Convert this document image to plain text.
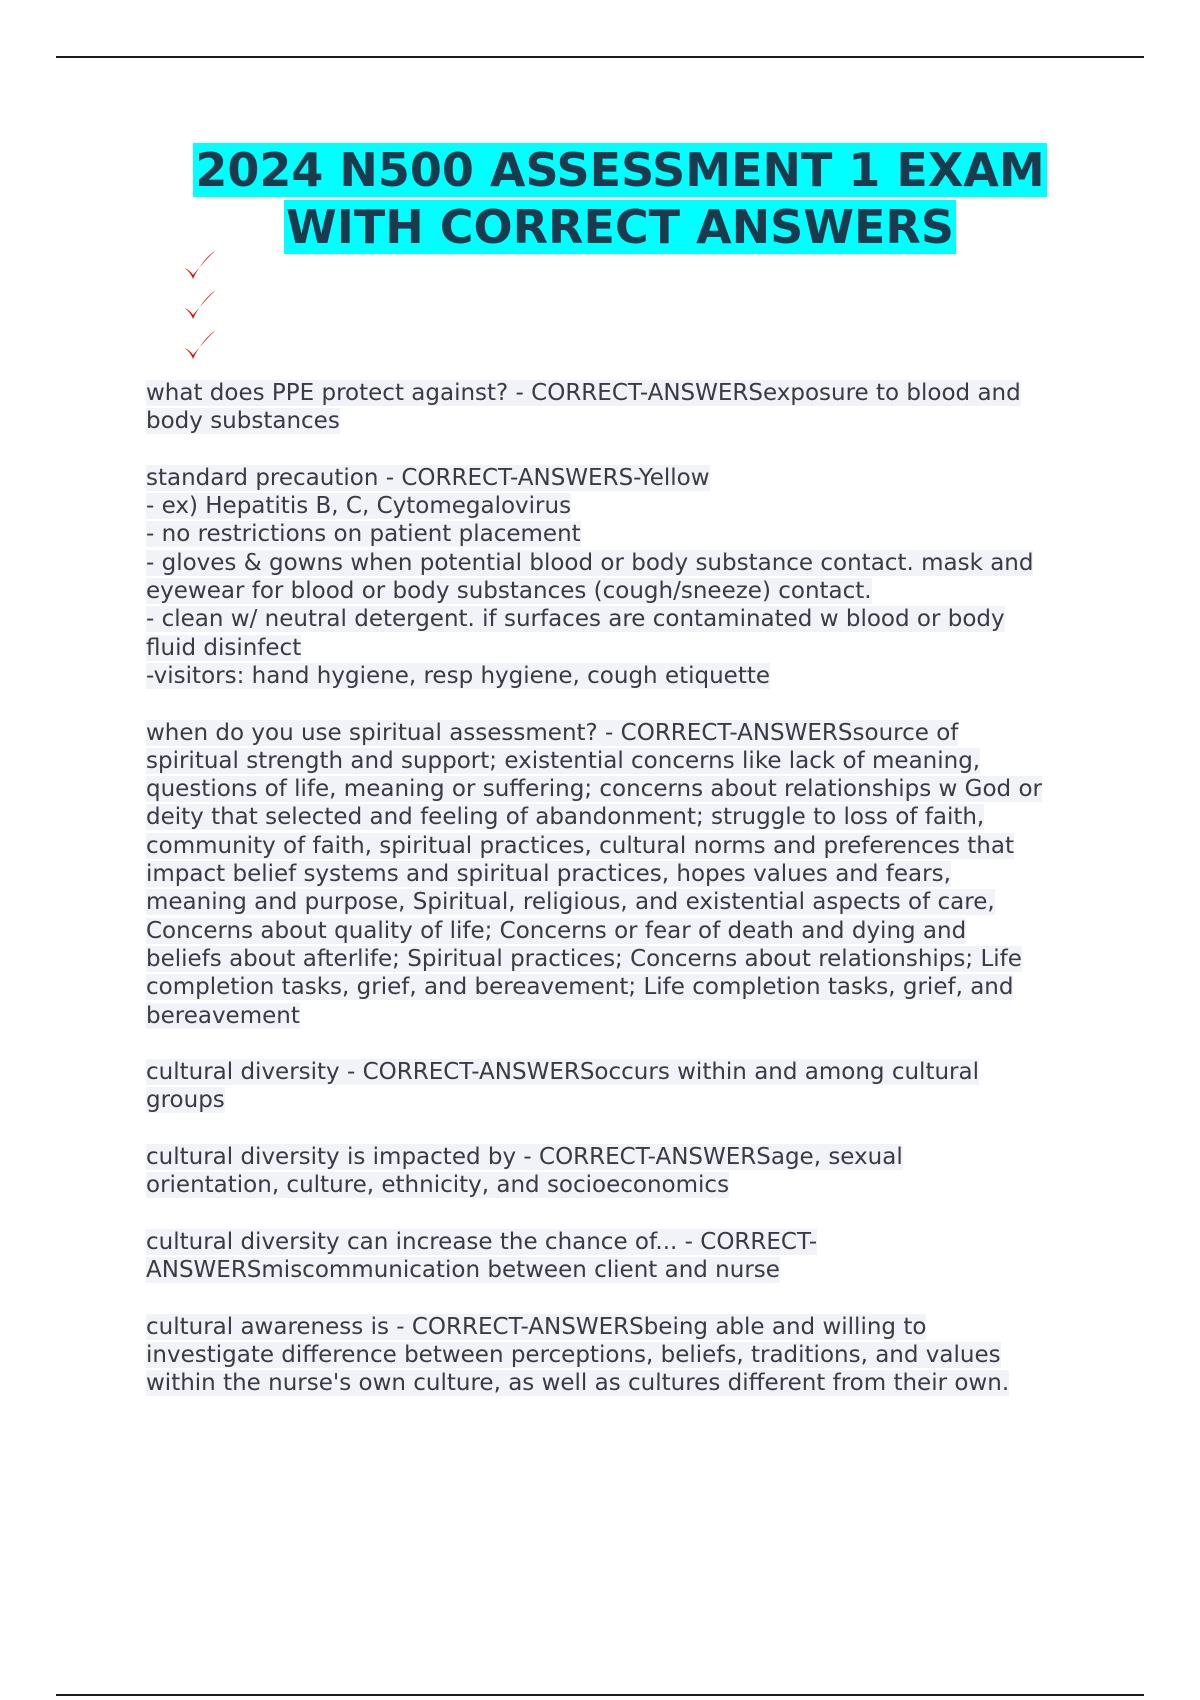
2024 N500 ASSESSMENT 1 EXAM
WITH CORRECT ANSWERS
what does PPE protect against? - CORRECT-ANSWERSexposure to blood and
body substances
standard precaution - CORRECT-ANSWERS-Yellow
- ex) Hepatitis B, C, Cytomegalovirus
- no restrictions on patient placement
- gloves & gowns when potential blood or body substance contact. mask and
eyewear for blood or body substances (cough/sneeze) contact.
- clean w/ neutral detergent. if surfaces are contaminated w blood or body
fluid disinfect
-visitors: hand hygiene, resp hygiene, cough etiquette
when do you use spiritual assessment? - CORRECT-ANSWERSsource of
spiritual strength and support; existential concerns like lack of meaning,
questions of life, meaning or suffering; concerns about relationships w God or
deity that selected and feeling of abandonment; struggle to loss of faith,
community of faith, spiritual practices, cultural norms and preferences that
impact belief systems and spiritual practices, hopes values and fears,
meaning and purpose, Spiritual, religious, and existential aspects of care,
Concerns about quality of life; Concerns or fear of death and dying and
beliefs about afterlife; Spiritual practices; Concerns about relationships; Life
completion tasks, grief, and bereavement; Life completion tasks, grief, and
bereavement
cultural diversity - CORRECT-ANSWERSoccurs within and among cultural
groups
cultural diversity is impacted by - CORRECT-ANSWERSage, sexual
orientation, culture, ethnicity, and socioeconomics
cultural diversity can increase the chance of... - CORRECT-
ANSWERSmiscommunication between client and nurse
cultural awareness is - CORRECT-ANSWERSbeing able and willing to
investigate difference between perceptions, beliefs, traditions, and values
within the nurse's own culture, as well as cultures different from their own.
